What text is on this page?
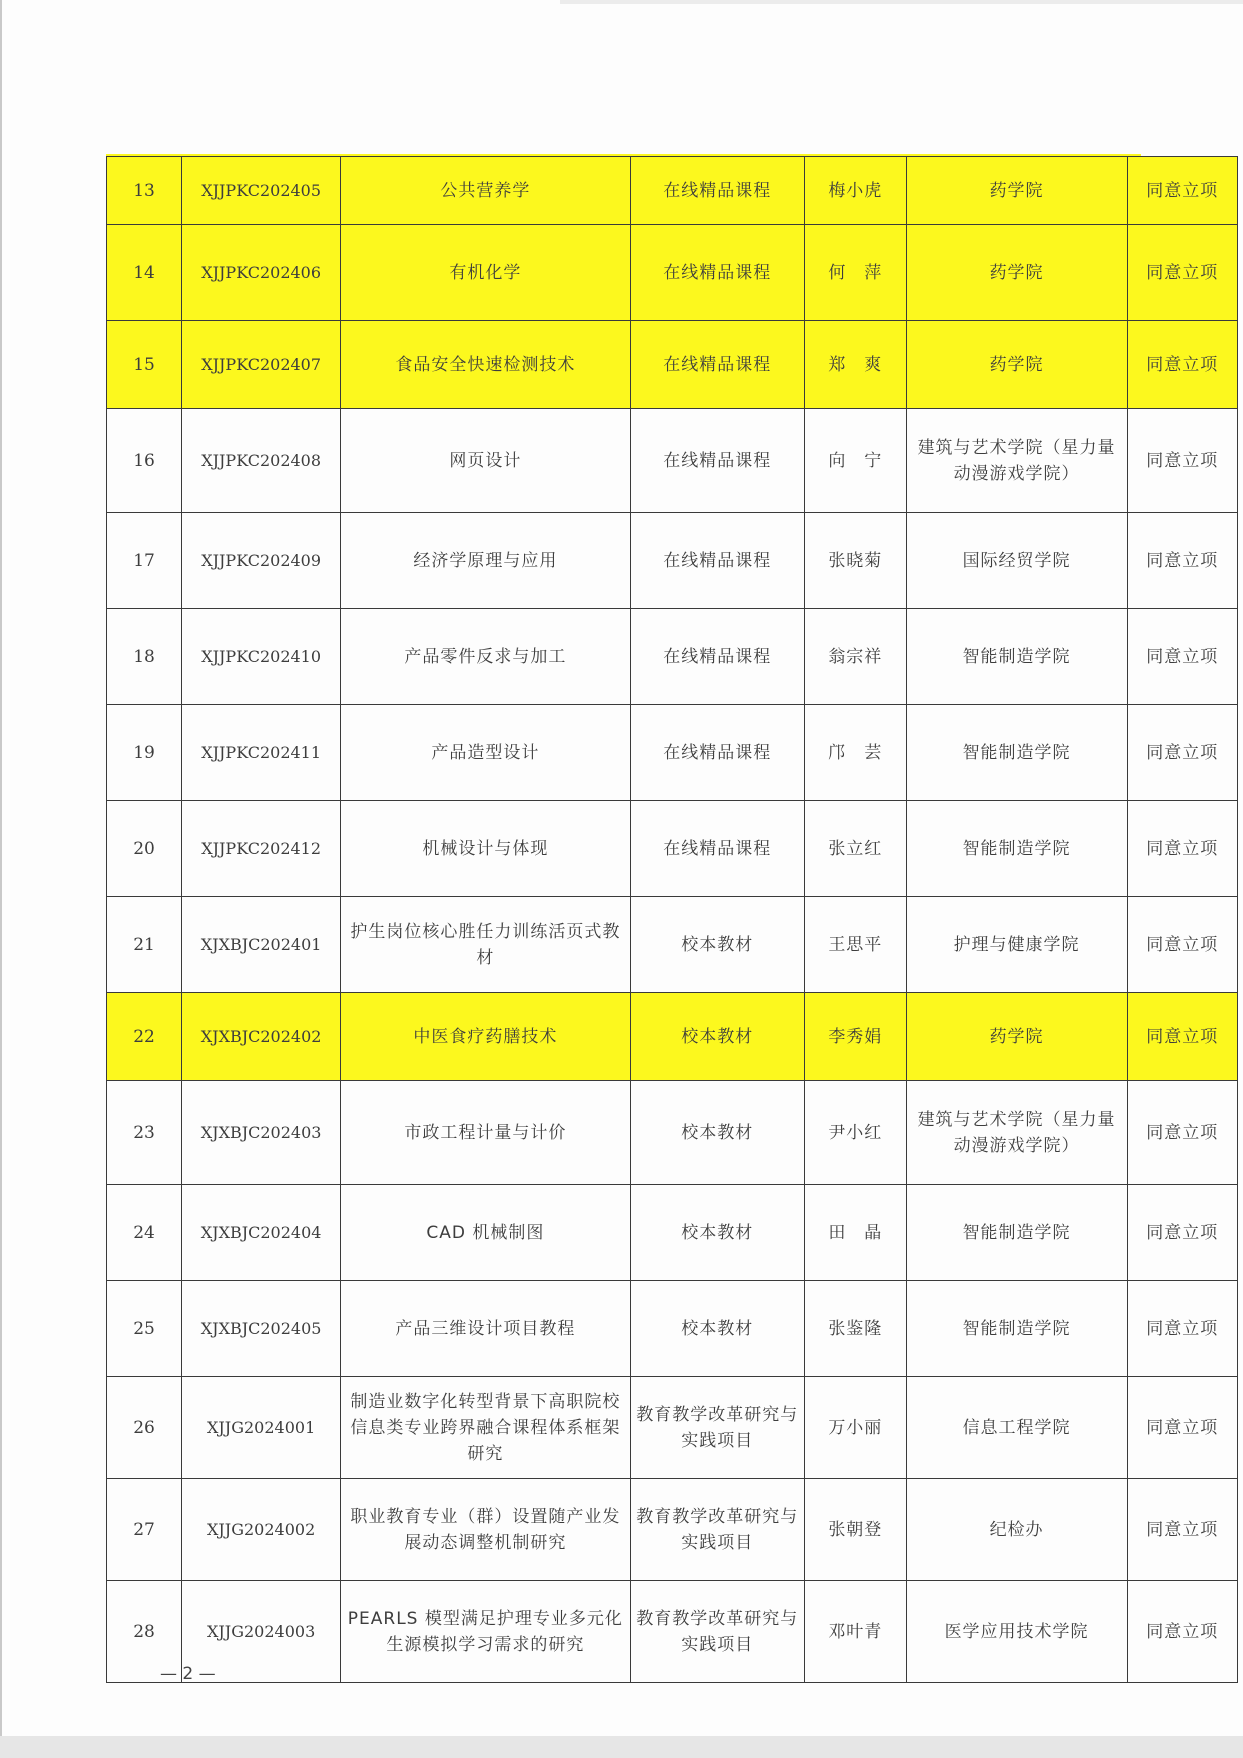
13	XJJPKC202405	公共营养学	在线精品课程	梅小虎	药学院	同意立项
14	XJJPKC202406	有机化学	在线精品课程	何　萍	药学院	同意立项
15	XJJPKC202407	食品安全快速检测技术	在线精品课程	郑　爽	药学院	同意立项
16	XJJPKC202408	网页设计	在线精品课程	向　宁	建筑与艺术学院（星力量动漫游戏学院）	同意立项
17	XJJPKC202409	经济学原理与应用	在线精品课程	张晓菊	国际经贸学院	同意立项
18	XJJPKC202410	产品零件反求与加工	在线精品课程	翁宗祥	智能制造学院	同意立项
19	XJJPKC202411	产品造型设计	在线精品课程	邝　芸	智能制造学院	同意立项
20	XJJPKC202412	机械设计与体现	在线精品课程	张立红	智能制造学院	同意立项
21	XJXBJC202401	护生岗位核心胜任力训练活页式教材	校本教材	王思平	护理与健康学院	同意立项
22	XJXBJC202402	中医食疗药膳技术	校本教材	李秀娟	药学院	同意立项
23	XJXBJC202403	市政工程计量与计价	校本教材	尹小红	建筑与艺术学院（星力量动漫游戏学院）	同意立项
24	XJXBJC202404	CAD 机械制图	校本教材	田　晶	智能制造学院	同意立项
25	XJXBJC202405	产品三维设计项目教程	校本教材	张鉴隆	智能制造学院	同意立项
26	XJJG2024001	制造业数字化转型背景下高职院校信息类专业跨界融合课程体系框架研究	教育教学改革研究与实践项目	万小丽	信息工程学院	同意立项
27	XJJG2024002	职业教育专业（群）设置随产业发展动态调整机制研究	教育教学改革研究与实践项目	张朝登	纪检办	同意立项
28	XJJG2024003	PEARLS 模型满足护理专业多元化生源模拟学习需求的研究	教育教学改革研究与实践项目	邓叶青	医学应用技术学院	同意立项
— 2 —
